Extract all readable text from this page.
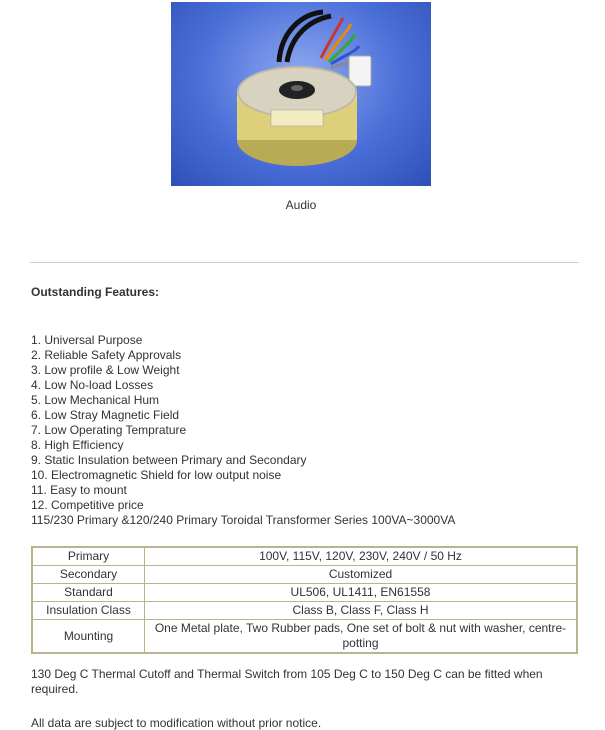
Audio
Outstanding Features:
1. Universal Purpose
2. Reliable Safety Approvals
3. Low profile & Low Weight
4. Low No-load Losses
5. Low Mechanical Hum
6. Low Stray Magnetic Field
7. Low Operating Temprature
8. High Efficiency
9. Static Insulation between Primary and Secondary
10. Electromagnetic Shield for low output noise
11. Easy to mount
12. Competitive price
115/230 Primary &120/240 Primary Toroidal Transformer Series 100VA~3000VA
Primary	100V, 115V, 120V, 230V, 240V / 50 Hz
Secondary	Customized
Standard	UL506, UL1411, EN61558
Insulation Class	Class B, Class F, Class H
Mounting	One Metal plate, Two Rubber pads, One set of bolt & nut with washer, centre-potting
130 Deg C Thermal Cutoff and Thermal Switch from 105 Deg C to 150 Deg C can be fitted when required.
All data are subject to modification without prior notice.
